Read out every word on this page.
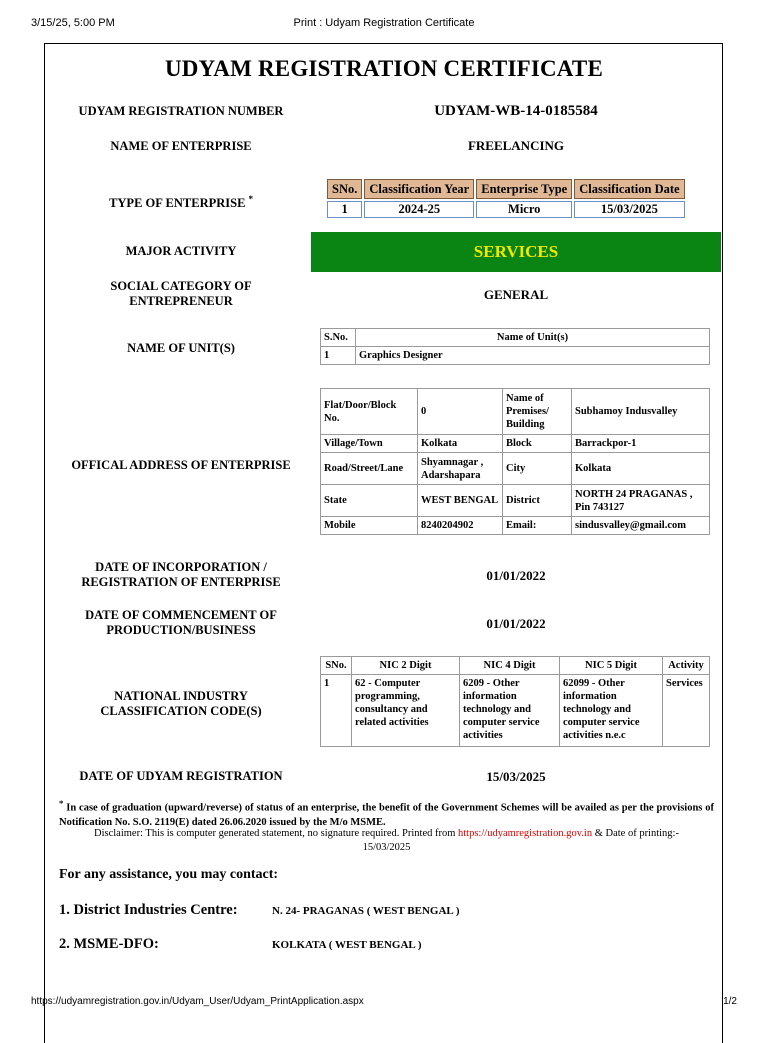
3/15/25, 5:00 PM	Print : Udyam Registration Certificate
UDYAM REGISTRATION CERTIFICATE
UDYAM REGISTRATION NUMBER	UDYAM-WB-14-0185584
NAME OF ENTERPRISE	FREELANCING
TYPE OF ENTERPRISE *
SNo.	Classification Year	Enterprise Type	Classification Date
1	2024-25	Micro	15/03/2025
MAJOR ACTIVITY	SERVICES
SOCIAL CATEGORY OF
ENTREPRENEUR	GENERAL
NAME OF UNIT(S)
S.No.	Name of Unit(s)
1	Graphics Designer
OFFICAL ADDRESS OF ENTERPRISE
Flat/Door/Block No.	0	Name of Premises/ Building	Subhamoy Indusvalley
Village/Town	Kolkata	Block	Barrackpor-1
Road/Street/Lane	Shyamnagar , Adarshapara	City	Kolkata
State	WEST BENGAL	District	NORTH 24 PRAGANAS , Pin 743127
Mobile	8240204902	Email:	sindusvalley@gmail.com
DATE OF INCORPORATION /
REGISTRATION OF ENTERPRISE	01/01/2022
DATE OF COMMENCEMENT OF
PRODUCTION/BUSINESS	01/01/2022
NATIONAL INDUSTRY
CLASSIFICATION CODE(S)
SNo.	NIC 2 Digit	NIC 4 Digit	NIC 5 Digit	Activity
1	62 - Computer programming, consultancy and related activities	6209 - Other information technology and computer service activities	62099 - Other information technology and computer service activities n.e.c	Services
DATE OF UDYAM REGISTRATION	15/03/2025
* In case of graduation (upward/reverse) of status of an enterprise, the benefit of the Government Schemes will be availed as per the provisions of Notification No. S.O. 2119(E) dated 26.06.2020 issued by the M/o MSME.
Disclaimer: This is computer generated statement, no signature required. Printed from https://udyamregistration.gov.in & Date of printing:-
15/03/2025
For any assistance, you may contact:
1. District Industries Centre:	N. 24- PRAGANAS ( WEST BENGAL )
2. MSME-DFO:	KOLKATA ( WEST BENGAL )
https://udyamregistration.gov.in/Udyam_User/Udyam_PrintApplication.aspx	1/2
